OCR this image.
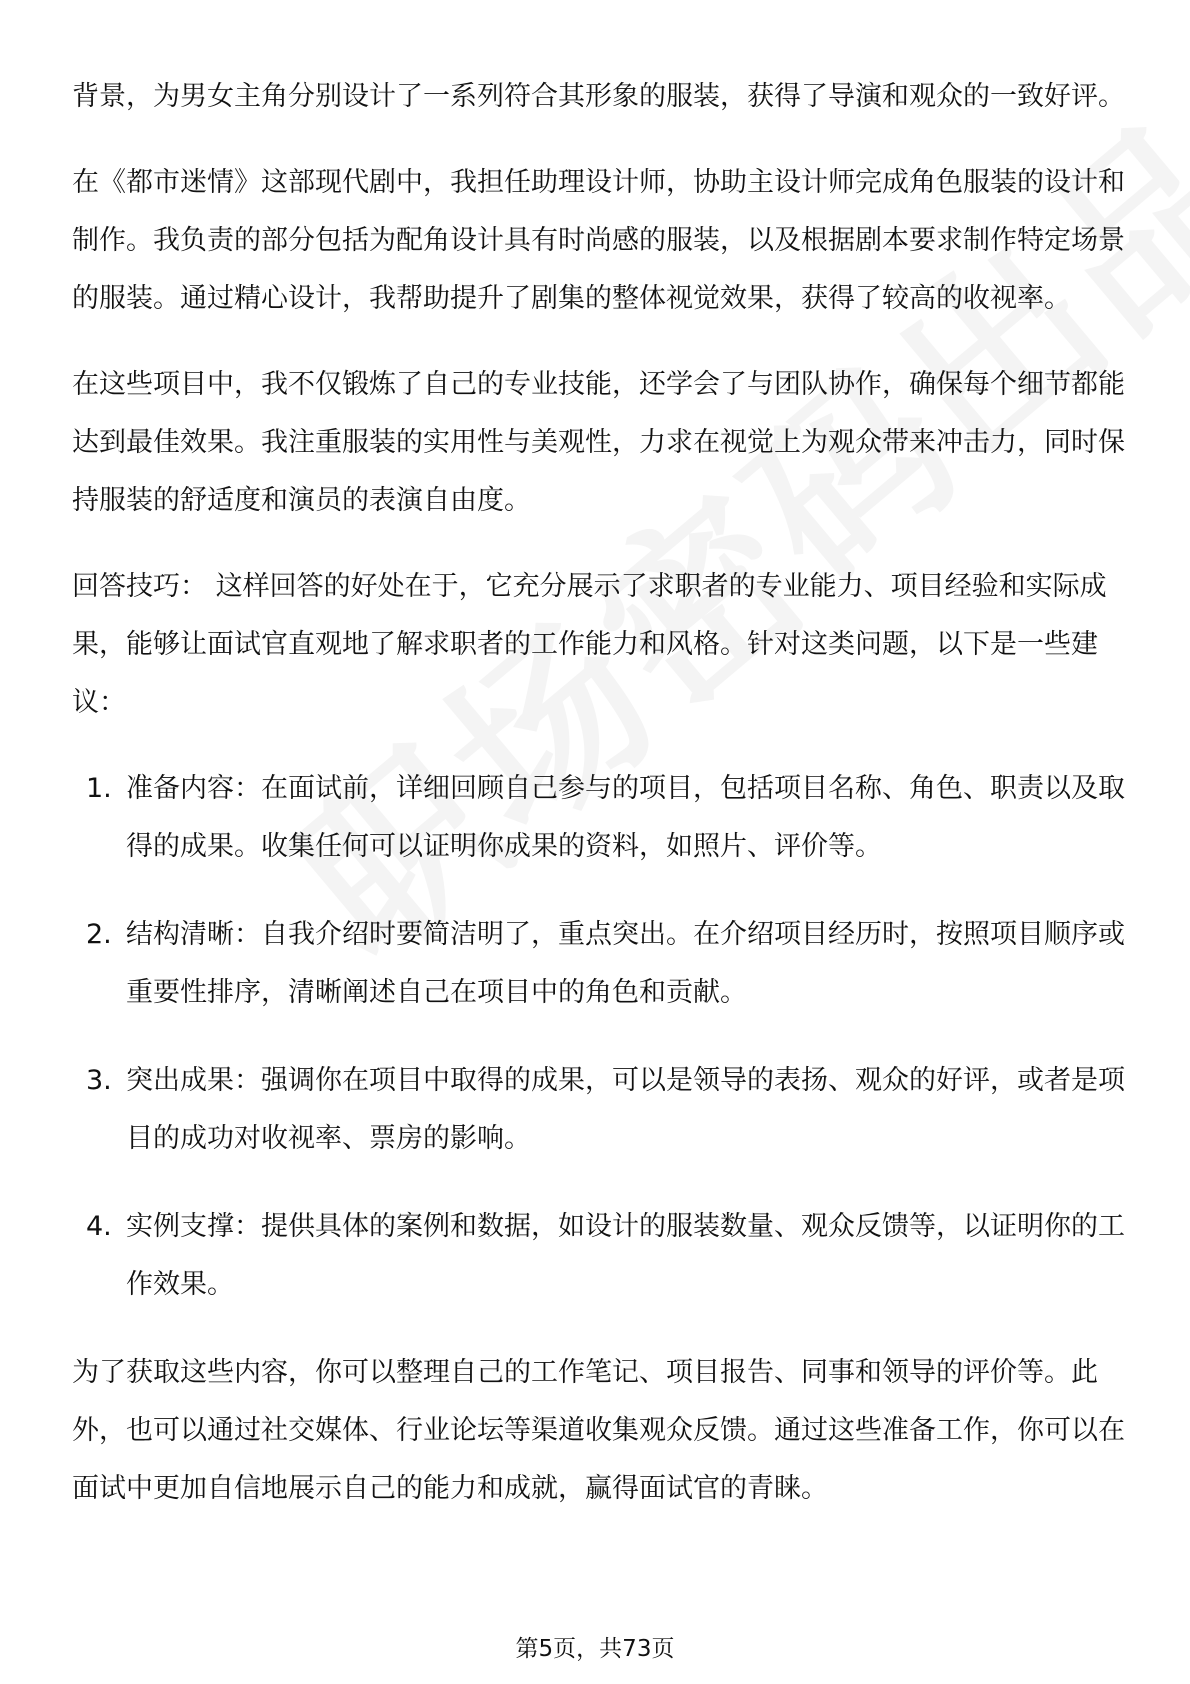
背景，为男女主角分别设计了一系列符合其形象的服装，获得了导演和观众的一致好评。

在《都市迷情》这部现代剧中，我担任助理设计师，协助主设计师完成角色服装的设计和制作。我负责的部分包括为配角设计具有时尚感的服装，以及根据剧本要求制作特定场景的服装。通过精心设计，我帮助提升了剧集的整体视觉效果，获得了较高的收视率。

在这些项目中，我不仅锻炼了自己的专业技能，还学会了与团队协作，确保每个细节都能达到最佳效果。我注重服装的实用性与美观性，力求在视觉上为观众带来冲击力，同时保持服装的舒适度和演员的表演自由度。

回答技巧： 这样回答的好处在于，它充分展示了求职者的专业能力、项目经验和实际成果，能够让面试官直观地了解求职者的工作能力和风格。针对这类问题，以下是一些建议：

1. 准备内容：在面试前，详细回顾自己参与的项目，包括项目名称、角色、职责以及取得的成果。收集任何可以证明你成果的资料，如照片、评价等。
2. 结构清晰：自我介绍时要简洁明了，重点突出。在介绍项目经历时，按照项目顺序或重要性排序，清晰阐述自己在项目中的角色和贡献。
3. 突出成果：强调你在项目中取得的成果，可以是领导的表扬、观众的好评，或者是项目的成功对收视率、票房的影响。
4. 实例支撑：提供具体的案例和数据，如设计的服装数量、观众反馈等，以证明你的工作效果。

为了获取这些内容，你可以整理自己的工作笔记、项目报告、同事和领导的评价等。此外，也可以通过社交媒体、行业论坛等渠道收集观众反馈。通过这些准备工作，你可以在面试中更加自信地展示自己的能力和成就，赢得面试官的青睐。

第5页，共73页
